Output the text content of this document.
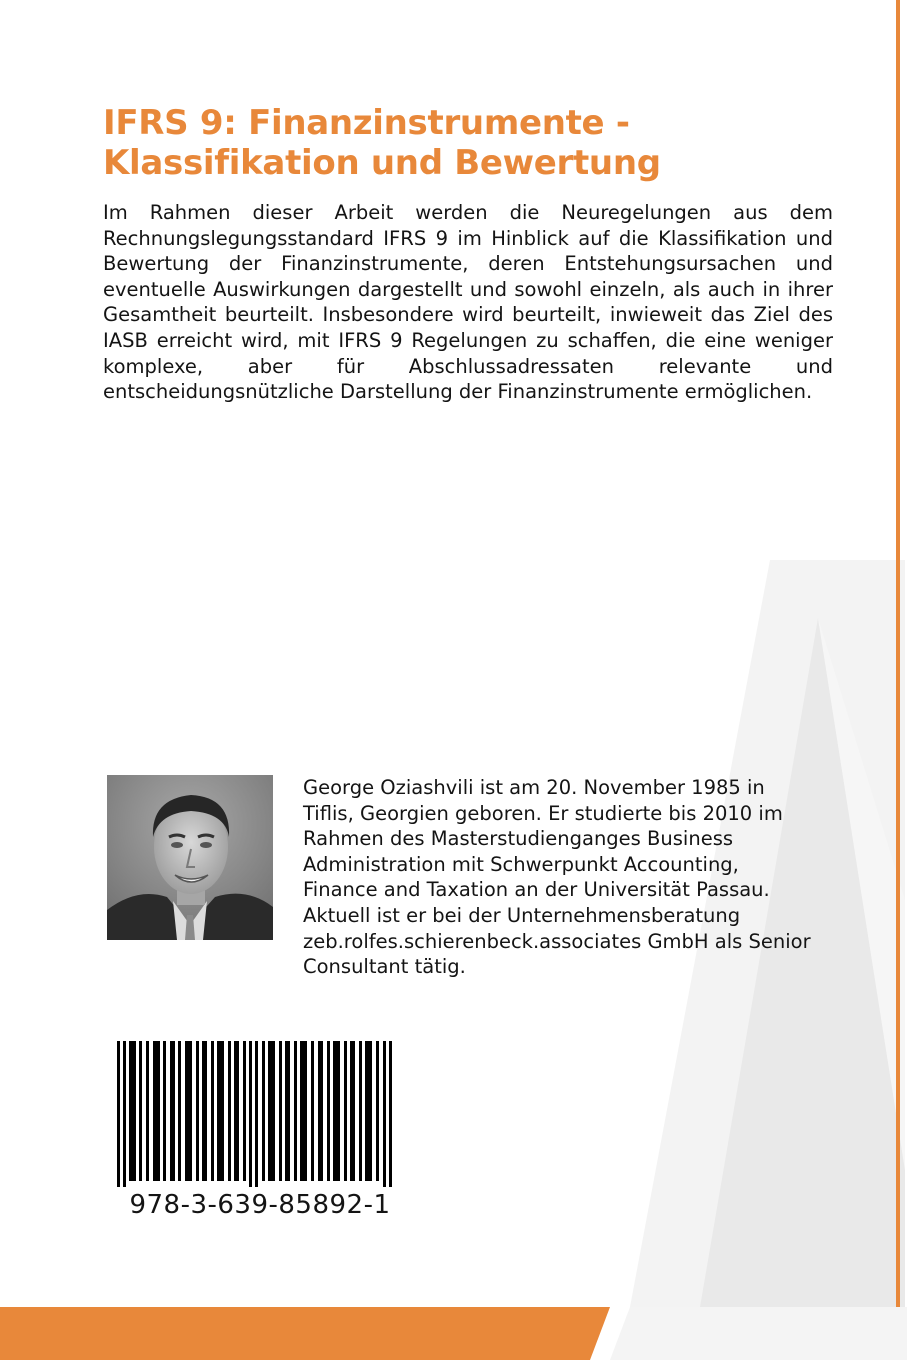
IFRS 9: Finanzinstrumente -
Klassifikation und Bewertung

Im Rahmen dieser Arbeit werden die Neuregelungen aus dem Rechnungslegungsstandard IFRS 9 im Hinblick auf die Klassifikation und Bewertung der Finanzinstrumente, deren Entstehungsursachen und eventuelle Auswirkungen dargestellt und sowohl einzeln, als auch in ihrer Gesamtheit beurteilt. Insbesondere wird beurteilt, inwieweit das Ziel des IASB erreicht wird, mit IFRS 9 Regelungen zu schaffen, die eine weniger komplexe, aber für Abschlussadressaten relevante und entscheidungsnützliche Darstellung der Finanzinstrumente ermöglichen.

George Oziashvili ist am 20. November 1985 in
Tiflis, Georgien geboren. Er studierte bis 2010 im
Rahmen des Masterstudienganges Business
Administration mit Schwerpunkt Accounting,
Finance and Taxation an der Universität Passau.
Aktuell ist er bei der Unternehmensberatung
zeb.rolfes.schierenbeck.associates GmbH als Senior
Consultant tätig.

978-3-639-85892-1
